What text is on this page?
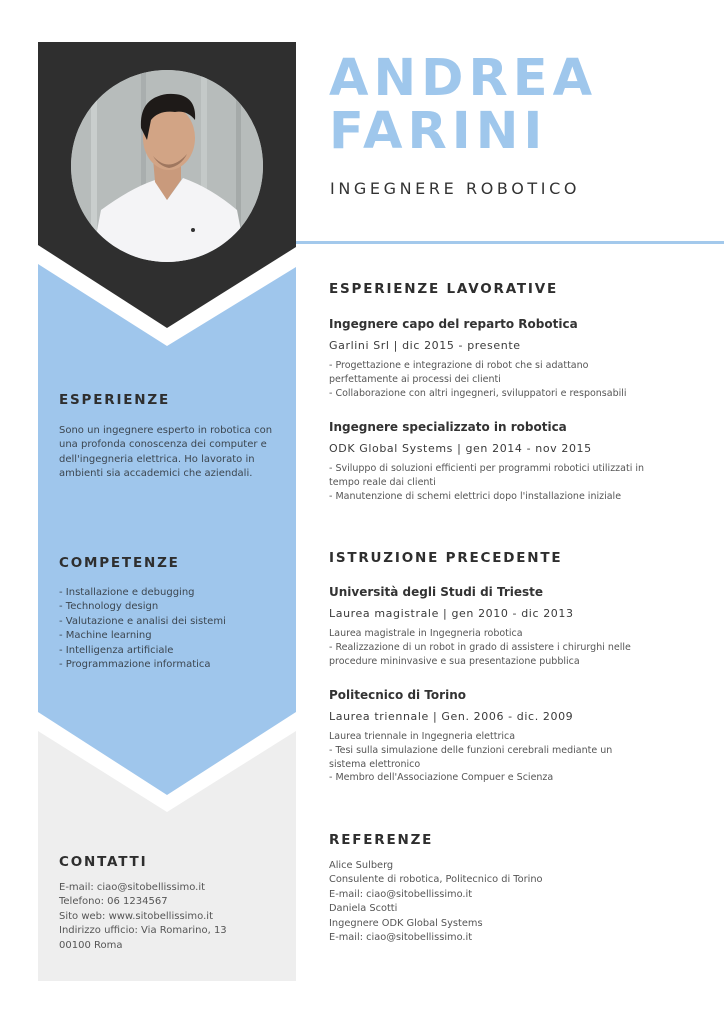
ANDREA
FARINI
INGEGNERE ROBOTICO
ESPERIENZE
Sono un ingegnere esperto in robotica con una profonda conoscenza dei computer e dell'ingegneria elettrica. Ho lavorato in ambienti sia accademici che aziendali.
COMPETENZE
- Installazione e debugging
- Technology design
- Valutazione e analisi dei sistemi
- Machine learning
- Intelligenza artificiale
- Programmazione informatica
CONTATTI
E-mail: ciao@sitobellissimo.it
Telefono: 06 1234567
Sito web: www.sitobellissimo.it
Indirizzo ufficio: Via Romarino, 13
00100 Roma
ESPERIENZE LAVORATIVE

Ingegnere capo del reparto Robotica

Garlini Srl | dic 2015 - presente

- Progettazione e integrazione di robot che si adattano

perfettamente ai processi dei clienti

- Collaborazione con altri ingegneri, sviluppatori e responsabili

Ingegnere specializzato in robotica

ODK Global Systems | gen 2014 - nov 2015

- Sviluppo di soluzioni efficienti per programmi robotici utilizzati in

tempo reale dai clienti

- Manutenzione di schemi elettrici dopo l'installazione iniziale

ISTRUZIONE PRECEDENTE

Università degli Studi di Trieste

Laurea magistrale | gen 2010 - dic 2013

Laurea magistrale in Ingegneria robotica

- Realizzazione di un robot in grado di assistere i chirurghi nelle

procedure mininvasive e sua presentazione pubblica

Politecnico di Torino

Laurea triennale | Gen. 2006 - dic. 2009

Laurea triennale in Ingegneria elettrica

- Tesi sulla simulazione delle funzioni cerebrali mediante un

sistema elettronico

- Membro dell'Associazione Compuer e Scienza

REFERENZE
Alice Sulberg
Consulente di robotica, Politecnico di Torino
E-mail: ciao@sitobellissimo.it
Daniela Scotti
Ingegnere ODK Global Systems
E-mail: ciao@sitobellissimo.it
